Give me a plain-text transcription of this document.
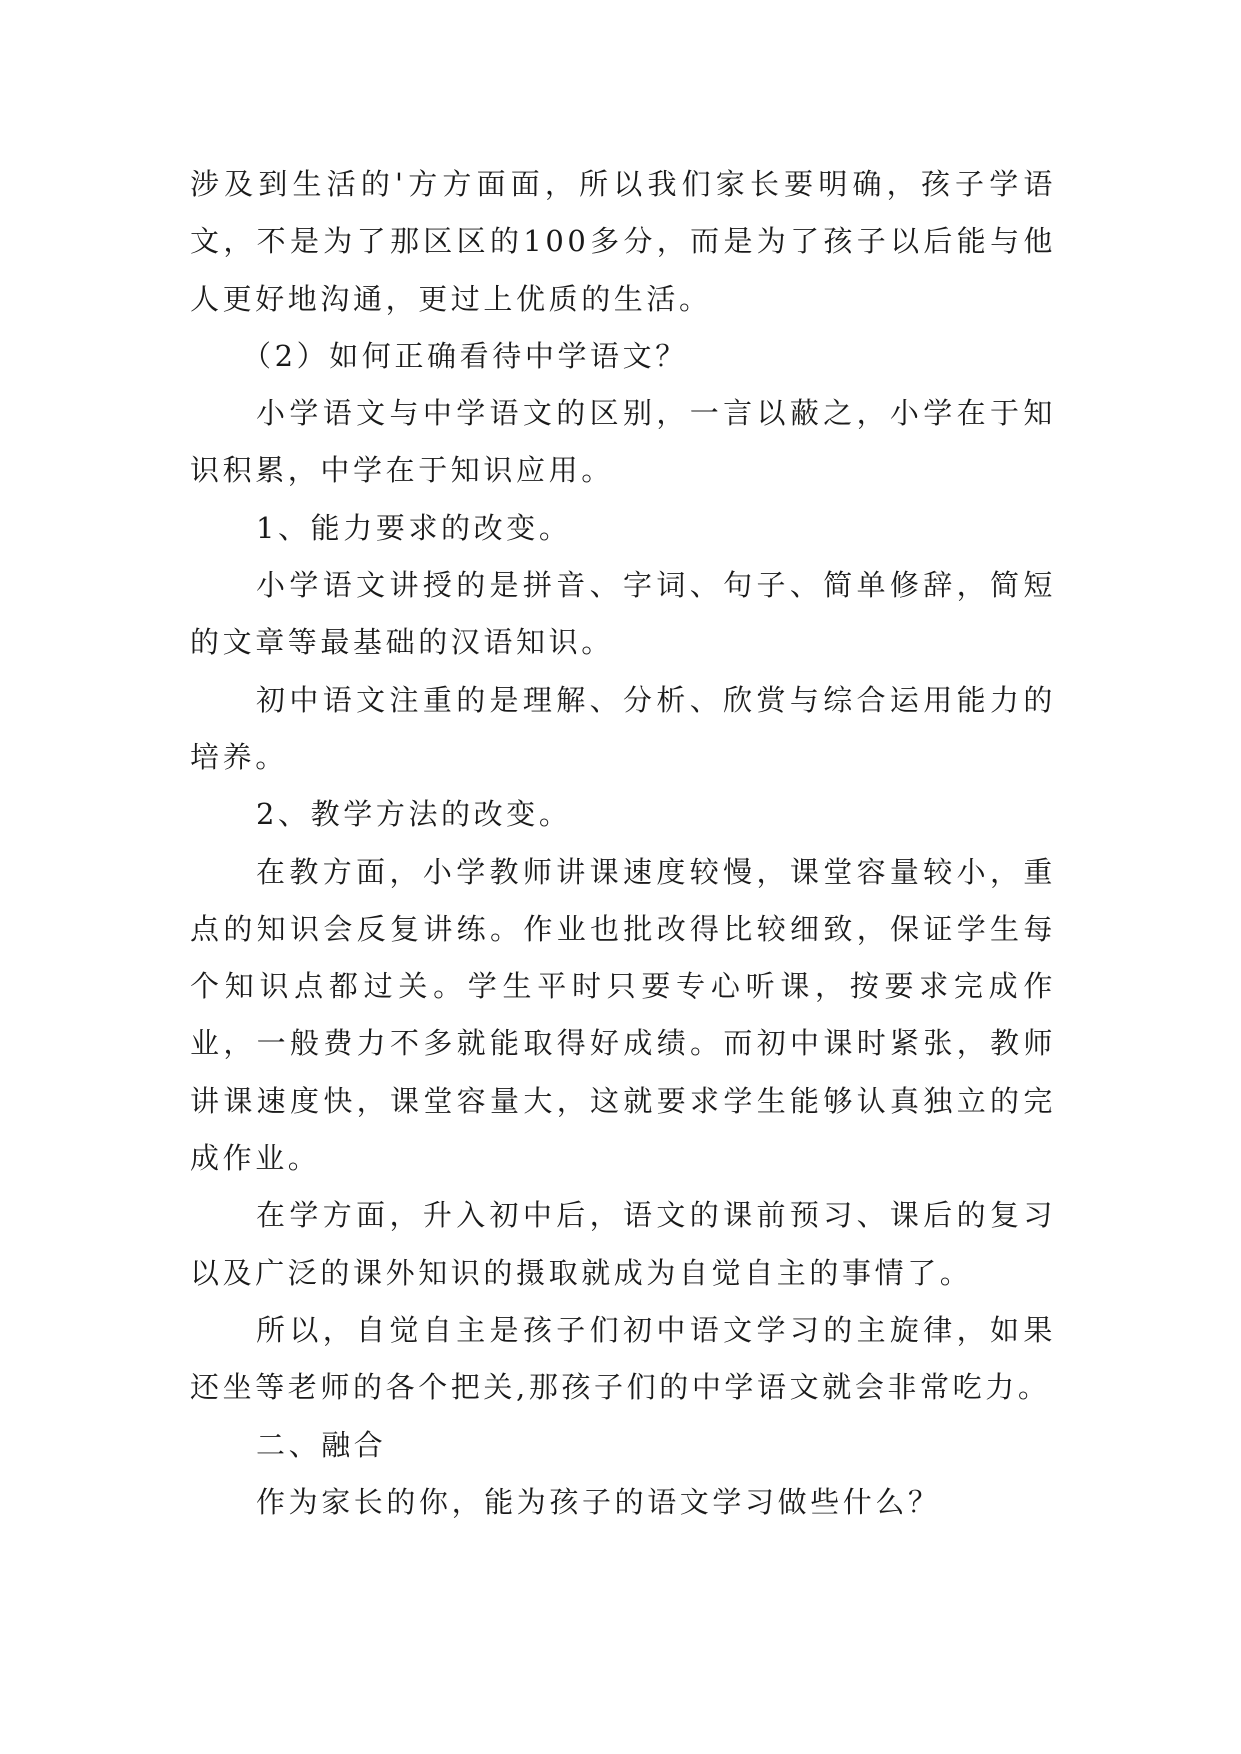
涉及到生活的'方方面面，所以我们家长要明确，孩子学语文，不是为了那区区的100多分，而是为了孩子以后能与他人更好地沟通，更过上优质的生活。

（2）如何正确看待中学语文？

小学语文与中学语文的区别，一言以蔽之，小学在于知识积累，中学在于知识应用。

1、能力要求的改变。

小学语文讲授的是拼音、字词、句子、简单修辞，简短的文章等最基础的汉语知识。

初中语文注重的是理解、分析、欣赏与综合运用能力的培养。

2、教学方法的改变。

在教方面，小学教师讲课速度较慢，课堂容量较小，重点的知识会反复讲练。作业也批改得比较细致，保证学生每个知识点都过关。学生平时只要专心听课，按要求完成作业，一般费力不多就能取得好成绩。而初中课时紧张，教师讲课速度快，课堂容量大，这就要求学生能够认真独立的完成作业。

在学方面，升入初中后，语文的课前预习、课后的复习以及广泛的课外知识的摄取就成为自觉自主的事情了。

所以，自觉自主是孩子们初中语文学习的主旋律，如果还坐等老师的各个把关,那孩子们的中学语文就会非常吃力。

二、融合

作为家长的你，能为孩子的语文学习做些什么？
